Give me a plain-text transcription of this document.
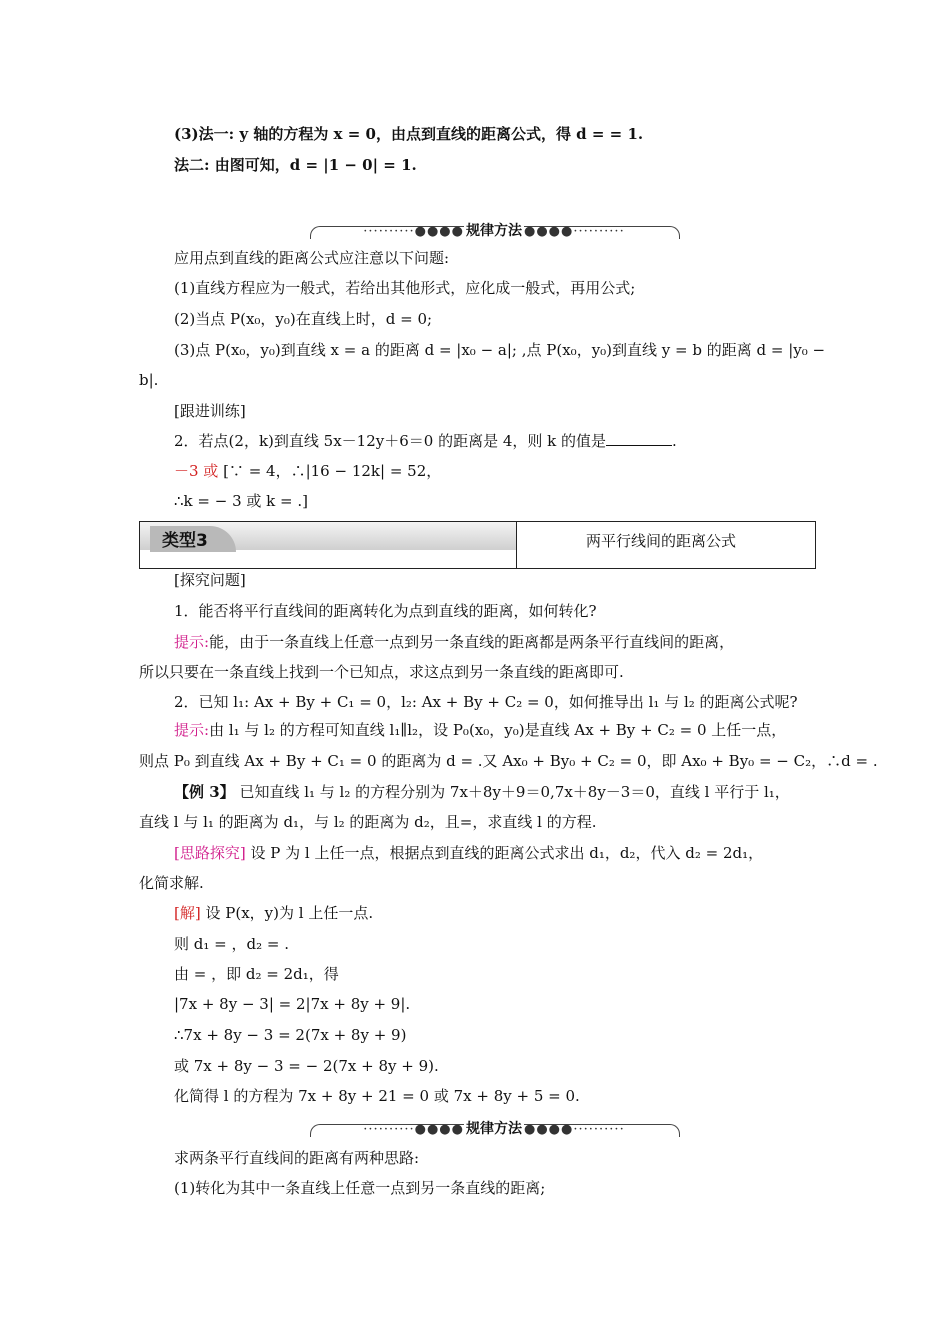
(3)法一: y 轴的方程为 x = 0，由点到直线的距离公式，得 d = = 1.
法二: 由图可知，d = |1 − 0| = 1.
··········●●●● 规律方法 ●●●●··········
应用点到直线的距离公式应注意以下问题:
(1)直线方程应为一般式，若给出其他形式，应化成一般式，再用公式;
(2)当点 P(x₀，y₀)在直线上时，d = 0;
(3)点 P(x₀，y₀)到直线 x = a 的距离 d = |x₀ − a|; ,点 P(x₀，y₀)到直线 y = b 的距离 d = |y₀ −
b|.
[跟进训练]
2．若点(2，k)到直线 5x－12y＋6＝0 的距离是 4，则 k 的值是	.
－3 或 [∵ = 4，∴|16 − 12k| = 52，
∴k = − 3 或 k = .]
类型3	两平行线间的距离公式
[探究问题]
1．能否将平行直线间的距离转化为点到直线的距离，如何转化?
提示:能，由于一条直线上任意一点到另一条直线的距离都是两条平行直线间的距离，
所以只要在一条直线上找到一个已知点，求这点到另一条直线的距离即可.
2．已知 l₁: Ax + By + C₁ = 0，l₂: Ax + By + C₂ = 0，如何推导出 l₁ 与 l₂ 的距离公式呢?
提示:由 l₁ 与 l₂ 的方程可知直线 l₁∥l₂，设 P₀(x₀，y₀)是直线 Ax + By + C₂ = 0 上任一点，
则点 P₀ 到直线 Ax + By + C₁ = 0 的距离为 d = .又 Ax₀ + By₀ + C₂ = 0，即 Ax₀ + By₀ = − C₂，∴d = .
【例 3】 已知直线 l₁ 与 l₂ 的方程分别为 7x＋8y＋9＝0,7x＋8y－3＝0，直线 l 平行于 l₁，
直线 l 与 l₁ 的距离为 d₁，与 l₂ 的距离为 d₂，且=，求直线 l 的方程.
[思路探究] 设 P 为 l 上任一点，根据点到直线的距离公式求出 d₁，d₂，代入 d₂ = 2d₁，
化简求解.
[解] 设 P(x，y)为 l 上任一点.
则 d₁ = ，d₂ = .
由 = ，即 d₂ = 2d₁，得
|7x + 8y − 3| = 2|7x + 8y + 9|.
∴7x + 8y − 3 = 2(7x + 8y + 9)
或 7x + 8y − 3 = − 2(7x + 8y + 9).
化简得 l 的方程为 7x + 8y + 21 = 0 或 7x + 8y + 5 = 0.
··········●●●● 规律方法 ●●●●··········
求两条平行直线间的距离有两种思路:
(1)转化为其中一条直线上任意一点到另一条直线的距离;
